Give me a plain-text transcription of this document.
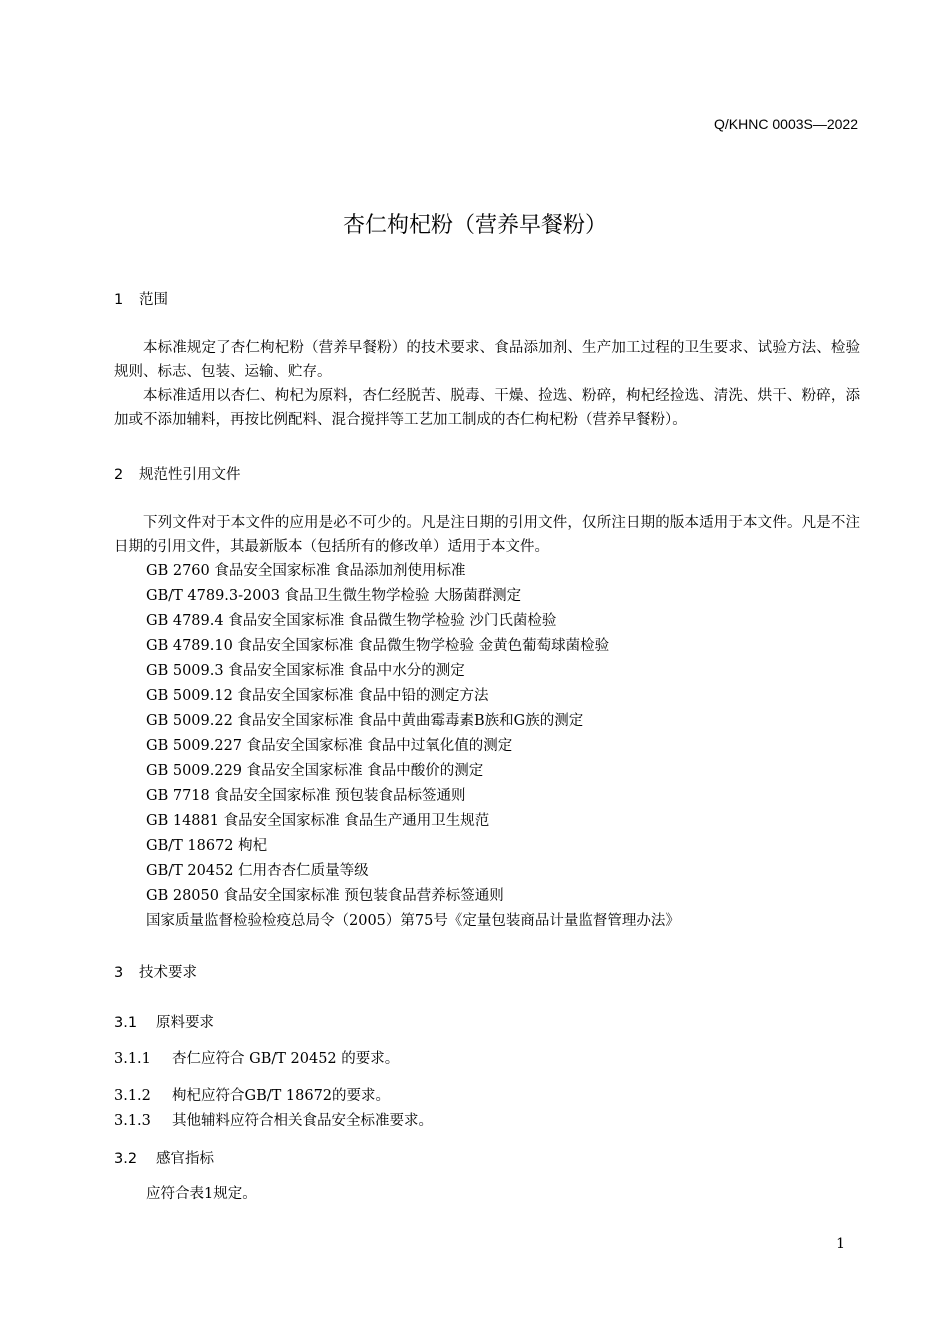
Q/KHNC 0003S—2022
杏仁枸杞粉（营养早餐粉）
1 范围
本标准规定了杏仁枸杞粉（营养早餐粉）的技术要求、食品添加剂、生产加工过程的卫生要求、试验方法、检验规则、标志、包装、运输、贮存。
本标准适用以杏仁、枸杞为原料，杏仁经脱苦、脱毒、干燥、捡选、粉碎，枸杞经捡选、清洗、烘干、粉碎，添加或不添加辅料，再按比例配料、混合搅拌等工艺加工制成的杏仁枸杞粉（营养早餐粉）。
2 规范性引用文件
下列文件对于本文件的应用是必不可少的。凡是注日期的引用文件，仅所注日期的版本适用于本文件。凡是不注日期的引用文件，其最新版本（包括所有的修改单）适用于本文件。
GB 2760 食品安全国家标准 食品添加剂使用标准
GB/T 4789.3-2003 食品卫生微生物学检验 大肠菌群测定
GB 4789.4 食品安全国家标准 食品微生物学检验 沙门氏菌检验
GB 4789.10 食品安全国家标准 食品微生物学检验 金黄色葡萄球菌检验
GB 5009.3 食品安全国家标准 食品中水分的测定
GB 5009.12 食品安全国家标准 食品中铅的测定方法
GB 5009.22 食品安全国家标准 食品中黄曲霉毒素B族和G族的测定
GB 5009.227 食品安全国家标准 食品中过氧化值的测定
GB 5009.229 食品安全国家标准 食品中酸价的测定
GB 7718 食品安全国家标准 预包装食品标签通则
GB 14881 食品安全国家标准 食品生产通用卫生规范
GB/T 18672 枸杞
GB/T 20452 仁用杏杏仁质量等级
GB 28050 食品安全国家标准 预包装食品营养标签通则
国家质量监督检验检疫总局令（2005）第75号《定量包装商品计量监督管理办法》
3 技术要求
3.1 原料要求
3.1.1 杏仁应符合 GB/T 20452 的要求。
3.1.2 枸杞应符合GB/T 18672的要求。
3.1.3 其他辅料应符合相关食品安全标准要求。
3.2 感官指标
应符合表1规定。
1
